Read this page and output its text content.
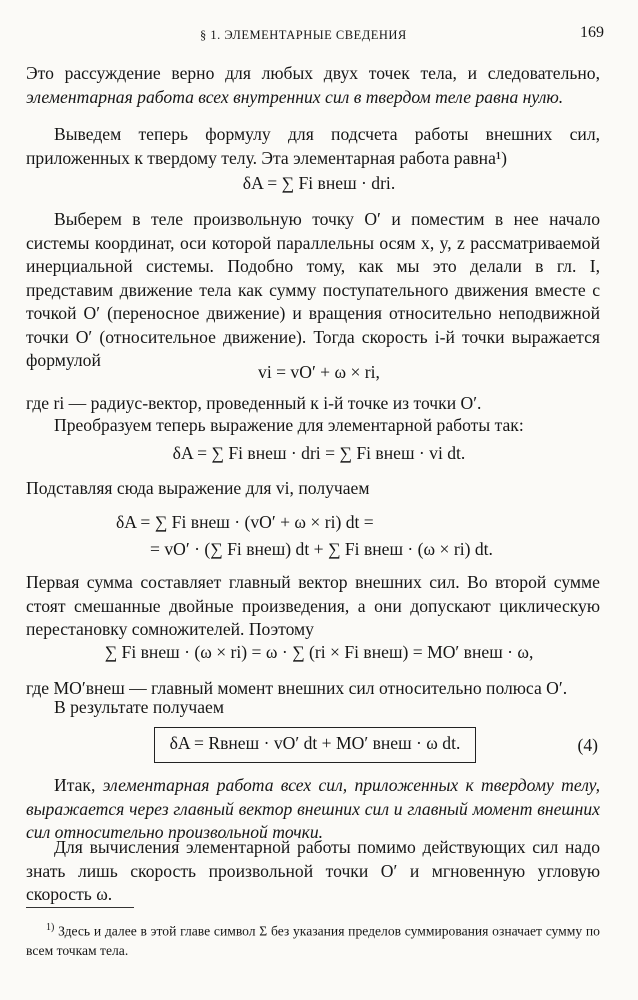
§ 1. ЭЛЕМЕНТАРНЫЕ СВЕДЕНИЯ	169

Это рассуждение верно для любых двух точек тела, и следовательно, элементарная работа всех внутренних сил в твердом теле равна нулю.

Выведем теперь формулу для подсчета работы внешних сил, приложенных к твердому телу. Эта элементарная работа равна¹)

δA = ∑ Fi внеш · dri.

Выберем в теле произвольную точку O′ и поместим в нее начало системы координат, оси которой параллельны осям x, y, z рассматриваемой инерциальной системы. Подобно тому, как мы это делали в гл. I, представим движение тела как сумму поступательного движения вместе с точкой O′ (переносное движение) и вращения относительно неподвижной точки O′ (относительное движение). Тогда скорость i-й точки выражается формулой

vi = vO′ + ω × ri,

где ri — радиус-вектор, проведенный к i-й точке из точки O′.

Преобразуем теперь выражение для элементарной работы так:

δA = ∑ Fi внеш · dri = ∑ Fi внеш · vi dt.

Подставляя сюда выражение для vi, получаем

δA = ∑ Fi внеш · (vO′ + ω × ri) dt =
= vO′ · (∑ Fi внеш) dt + ∑ Fi внеш · (ω × ri) dt.

Первая сумма составляет главный вектор внешних сил. Во второй сумме стоят смешанные двойные произведения, а они допускают циклическую перестановку сомножителей. Поэтому

∑ Fi внеш · (ω × ri) = ω · ∑ (ri × Fi внеш) = MO′ внеш · ω,

где MO′внеш — главный момент внешних сил относительно полюса O′.

В результате получаем

δA = Rвнеш · vO′ dt + MO′ внеш · ω dt.	(4)

Итак, элементарная работа всех сил, приложенных к твердому телу, выражается через главный вектор внешних сил и главный момент внешних сил относительно произвольной точки.

Для вычисления элементарной работы помимо действующих сил надо знать лишь скорость произвольной точки O′ и мгновенную угловую скорость ω.

$^{1)}$ Здесь и далее в этой главе символ Σ без указания пределов суммирования означает сумму по всем точкам тела.
